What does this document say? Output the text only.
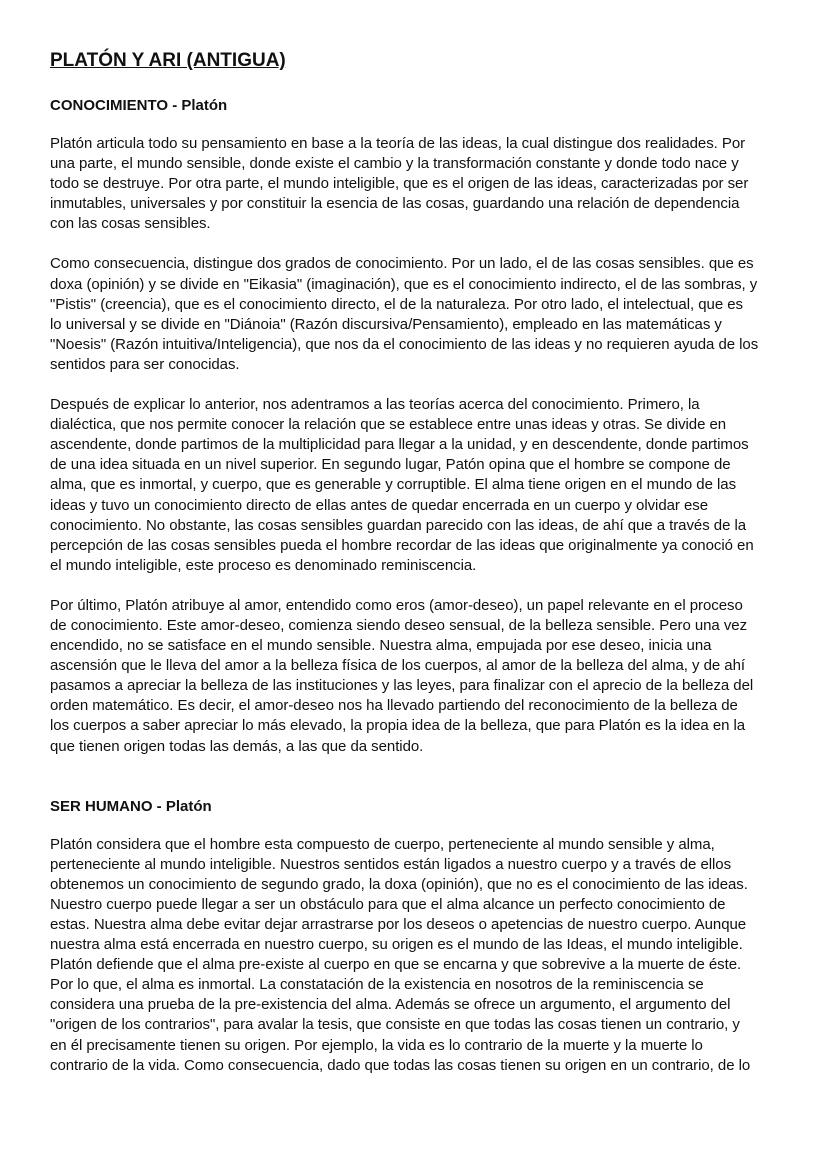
PLATÓN Y ARI (ANTIGUA)
CONOCIMIENTO - Platón

Platón articula todo su pensamiento en base a la teoría de las ideas, la cual distingue dos realidades. Por
una parte, el mundo sensible, donde existe el cambio y la transformación constante y donde todo nace y
todo se destruye. Por otra parte, el mundo inteligible, que es el origen de las ideas, caracterizadas por ser
inmutables, universales y por constituir la esencia de las cosas, guardando una relación de dependencia
con las cosas sensibles.

Como consecuencia, distingue dos grados de conocimiento. Por un lado, el de las cosas sensibles. que es
doxa (opinión) y se divide en "Eikasia" (imaginación), que es el conocimiento indirecto, el de las sombras, y
"Pistis" (creencia), que es el conocimiento directo, el de la naturaleza. Por otro lado, el intelectual, que es
lo universal y se divide en "Diánoia" (Razón discursiva/Pensamiento), empleado en las matemáticas y
"Noesis" (Razón intuitiva/Inteligencia), que nos da el conocimiento de las ideas y no requieren ayuda de los
sentidos para ser conocidas.

Después de explicar lo anterior, nos adentramos a las teorías acerca del conocimiento. Primero, la
dialéctica, que nos permite conocer la relación que se establece entre unas ideas y otras. Se divide en
ascendente, donde partimos de la multiplicidad para llegar a la unidad, y en descendente, donde partimos
de una idea situada en un nivel superior. En segundo lugar, Patón opina que el hombre se compone de
alma, que es inmortal, y cuerpo, que es generable y corruptible. El alma tiene origen en el mundo de las
ideas y tuvo un conocimiento directo de ellas antes de quedar encerrada en un cuerpo y olvidar ese
conocimiento. No obstante, las cosas sensibles guardan parecido con las ideas, de ahí que a través de la
percepción de las cosas sensibles pueda el hombre recordar de las ideas que originalmente ya conoció en
el mundo inteligible, este proceso es denominado reminiscencia.

Por último, Platón atribuye al amor, entendido como eros (amor-deseo), un papel relevante en el proceso
de conocimiento. Este amor-deseo, comienza siendo deseo sensual, de la belleza sensible. Pero una vez
encendido, no se satisface en el mundo sensible. Nuestra alma, empujada por ese deseo, inicia una
ascensión que le lleva del amor a la belleza física de los cuerpos, al amor de la belleza del alma, y de ahí
pasamos a apreciar la belleza de las instituciones y las leyes, para finalizar con el aprecio de la belleza del
orden matemático. Es decir, el amor-deseo nos ha llevado partiendo del reconocimiento de la belleza de
los cuerpos a saber apreciar lo más elevado, la propia idea de la belleza, que para Platón es la idea en la
que tienen origen todas las demás, a las que da sentido.

SER HUMANO - Platón

Platón considera que el hombre esta compuesto de cuerpo, perteneciente al mundo sensible y alma,
perteneciente al mundo inteligible. Nuestros sentidos están ligados a nuestro cuerpo y a través de ellos
obtenemos un conocimiento de segundo grado, la doxa (opinión), que no es el conocimiento de las ideas.
Nuestro cuerpo puede llegar a ser un obstáculo para que el alma alcance un perfecto conocimiento de
estas. Nuestra alma debe evitar dejar arrastrarse por los deseos o apetencias de nuestro cuerpo. Aunque
nuestra alma está encerrada en nuestro cuerpo, su origen es el mundo de las Ideas, el mundo inteligible.
Platón defiende que el alma pre-existe al cuerpo en que se encarna y que sobrevive a la muerte de éste.
Por lo que, el alma es inmortal. La constatación de la existencia en nosotros de la reminiscencia se
considera una prueba de la pre-existencia del alma. Además se ofrece un argumento, el argumento del
"origen de los contrarios", para avalar la tesis, que consiste en que todas las cosas tienen un contrario, y
en él precisamente tienen su origen. Por ejemplo, la vida es lo contrario de la muerte y la muerte lo
contrario de la vida. Como consecuencia, dado que todas las cosas tienen su origen en un contrario, de lo
